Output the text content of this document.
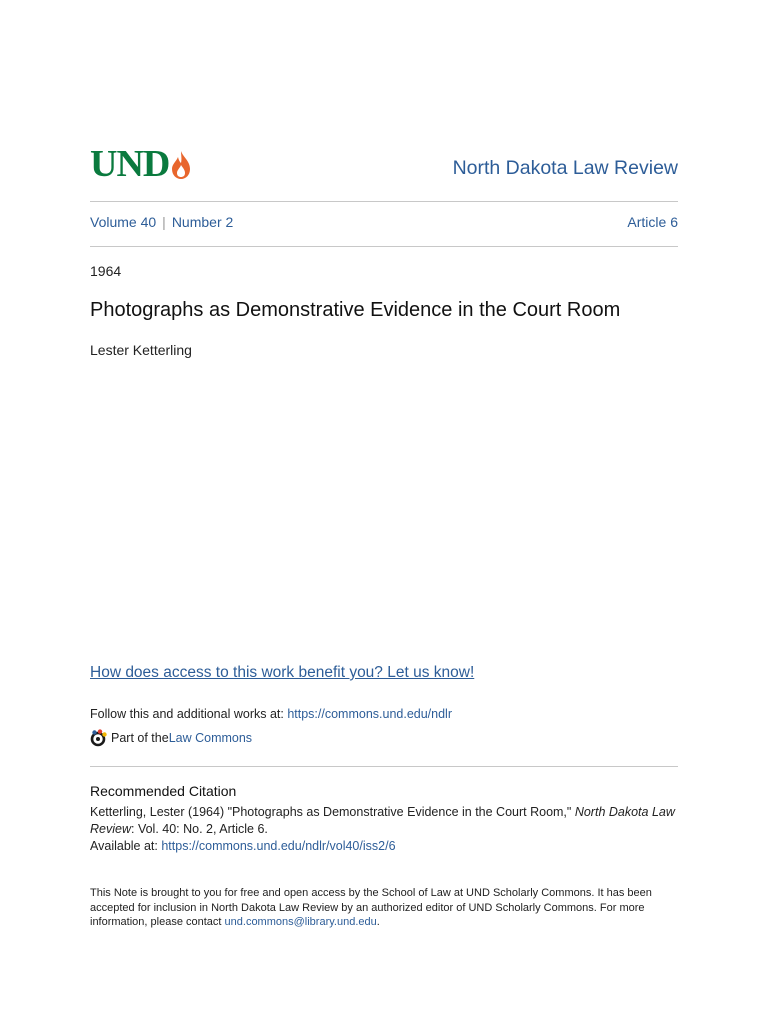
UND	North Dakota Law Review
Volume 40 | Number 2	Article 6
1964
Photographs as Demonstrative Evidence in the Court Room
Lester Ketterling
How does access to this work benefit you? Let us know!
Follow this and additional works at: https://commons.und.edu/ndlr
Part of the Law Commons
Recommended Citation
Ketterling, Lester (1964) "Photographs as Demonstrative Evidence in the Court Room," North Dakota Law Review: Vol. 40: No. 2, Article 6.
Available at: https://commons.und.edu/ndlr/vol40/iss2/6
This Note is brought to you for free and open access by the School of Law at UND Scholarly Commons. It has been accepted for inclusion in North Dakota Law Review by an authorized editor of UND Scholarly Commons. For more information, please contact und.commons@library.und.edu.
